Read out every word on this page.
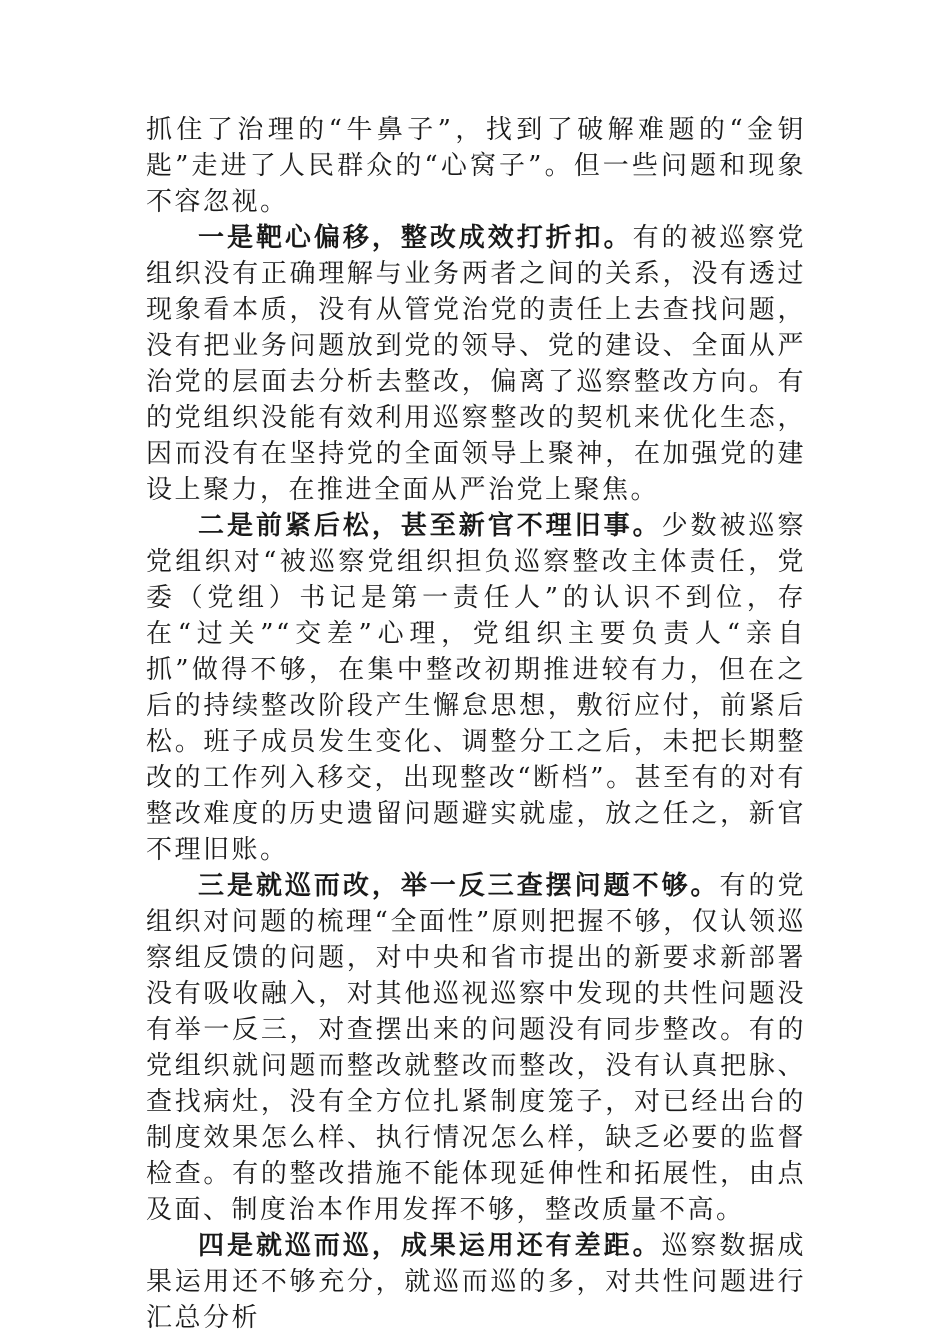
抓住了治理的“牛鼻子”，找到了破解难题的“金钥匙”走进了人民群众的“心窝子”。但一些问题和现象不容忽视。

一是靶心偏移，整改成效打折扣。有的被巡察党组织没有正确理解与业务两者之间的关系，没有透过现象看本质，没有从管党治党的责任上去查找问题，没有把业务问题放到党的领导、党的建设、全面从严治党的层面去分析去整改，偏离了巡察整改方向。有的党组织没能有效利用巡察整改的契机来优化生态，因而没有在坚持党的全面领导上聚神，在加强党的建设上聚力，在推进全面从严治党上聚焦。

二是前紧后松，甚至新官不理旧事。少数被巡察党组织对“被巡察党组织担负巡察整改主体责任，党委（党组）书记是第一责任人”的认识不到位，存在“过关”“交差”心理，党组织主要负责人“亲自抓”做得不够，在集中整改初期推进较有力，但在之后的持续整改阶段产生懈怠思想，敷衍应付，前紧后松。班子成员发生变化、调整分工之后，未把长期整改的工作列入移交，出现整改“断档”。甚至有的对有整改难度的历史遗留问题避实就虚，放之任之，新官不理旧账。

三是就巡而改，举一反三查摆问题不够。有的党组织对问题的梳理“全面性”原则把握不够，仅认领巡察组反馈的问题，对中央和省市提出的新要求新部署没有吸收融入，对其他巡视巡察中发现的共性问题没有举一反三，对查摆出来的问题没有同步整改。有的党组织就问题而整改就整改而整改，没有认真把脉、查找病灶，没有全方位扎紧制度笼子，对已经出台的制度效果怎么样、执行情况怎么样，缺乏必要的监督检查。有的整改措施不能体现延伸性和拓展性，由点及面、制度治本作用发挥不够，整改质量不高。

四是就巡而巡，成果运用还有差距。巡察数据成果运用还不够充分，就巡而巡的多，对共性问题进行汇总分析
